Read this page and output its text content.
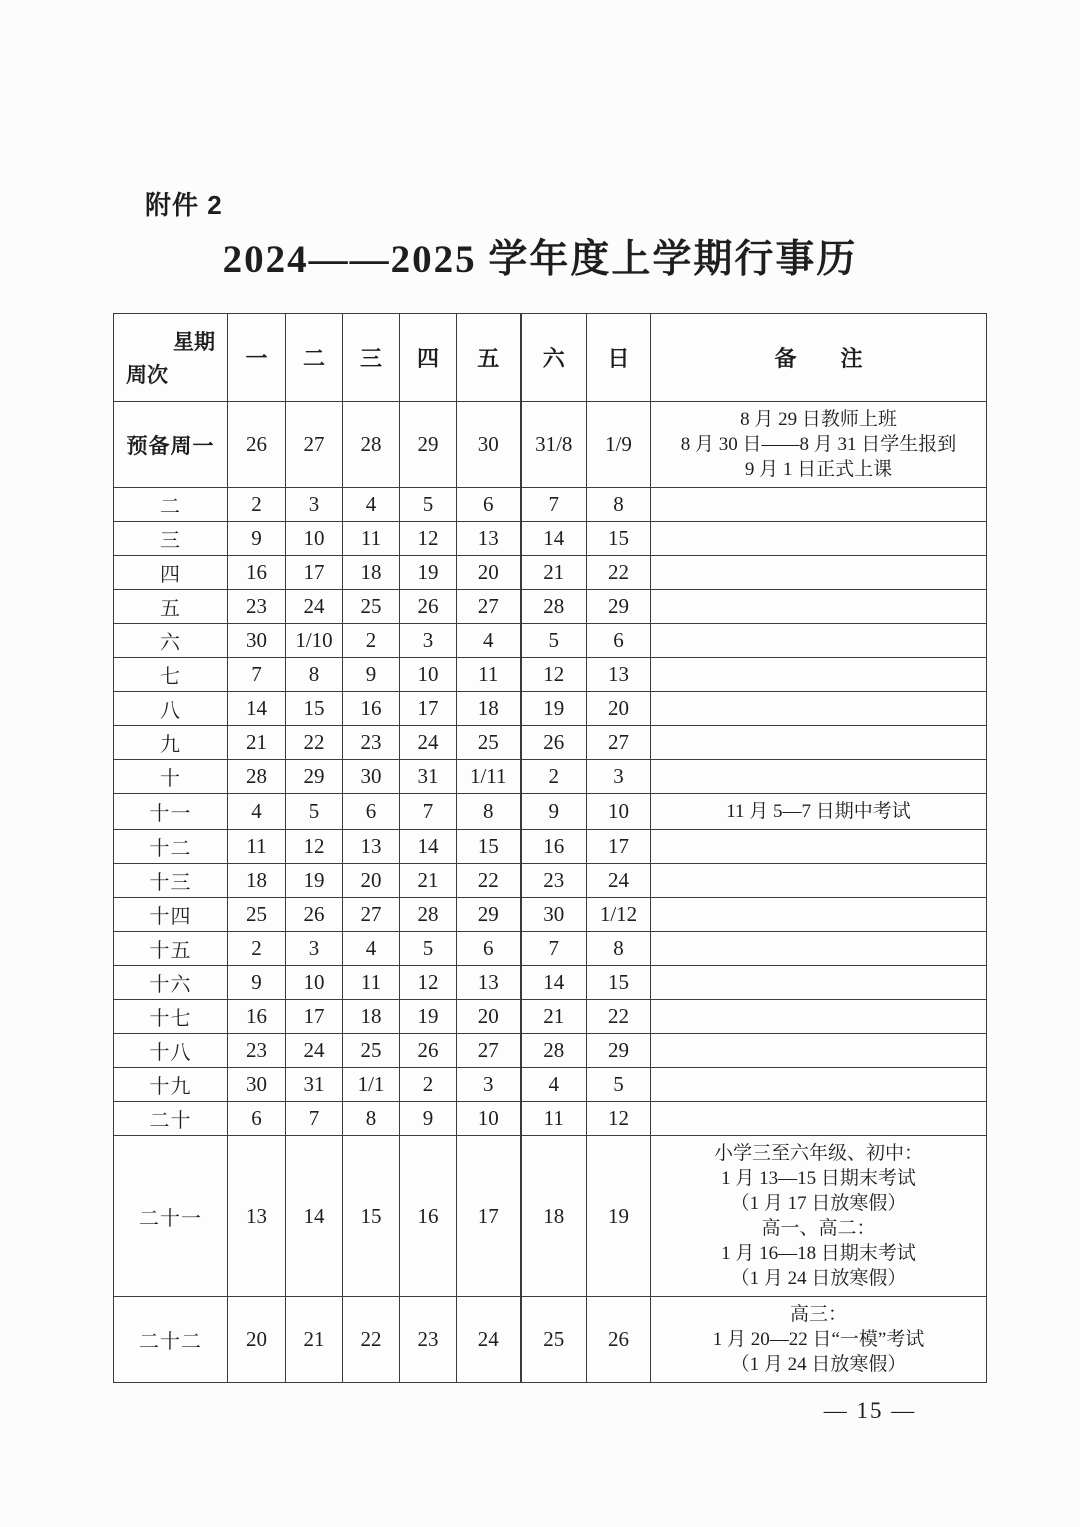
附件 2
2024——2025 学年度上学期行事历
星期
周次	一	二	三	四	五	六	日	备　　注
预备周一	26	27	28	29	30	31/8	1/9	8 月 29 日教师上班
8 月 30 日——8 月 31 日学生报到
9 月 1 日正式上课

二	2	3	4	5	6	7	8	
三	9	10	11	12	13	14	15	
四	16	17	18	19	20	21	22	
五	23	24	25	26	27	28	29	
六	30	1/10	2	3	4	5	6	
七	7	8	9	10	11	12	13	
八	14	15	16	17	18	19	20	
九	21	22	23	24	25	26	27	
十	28	29	30	31	1/11	2	3	
十一	4	5	6	7	8	9	10	11 月 5—7 日期中考试

十二	11	12	13	14	15	16	17	
十三	18	19	20	21	22	23	24	
十四	25	26	27	28	29	30	1/12	
十五	2	3	4	5	6	7	8	
十六	9	10	11	12	13	14	15	
十七	16	17	18	19	20	21	22	
十八	23	24	25	26	27	28	29	
十九	30	31	1/1	2	3	4	5	
二十	6	7	8	9	10	11	12	
二十一	13	14	15	16	17	18	19	
小学三至六年级、初中：
1 月 13—15 日期末考试
（1 月 17 日放寒假）
高一、高二：
1 月 16—18 日期末考试
（1 月 24 日放寒假）

二十二	20	21	22	23	24	25	26	高三：
1 月 20—22 日“一模”考试
（1 月 24 日放寒假）
— 15 —
